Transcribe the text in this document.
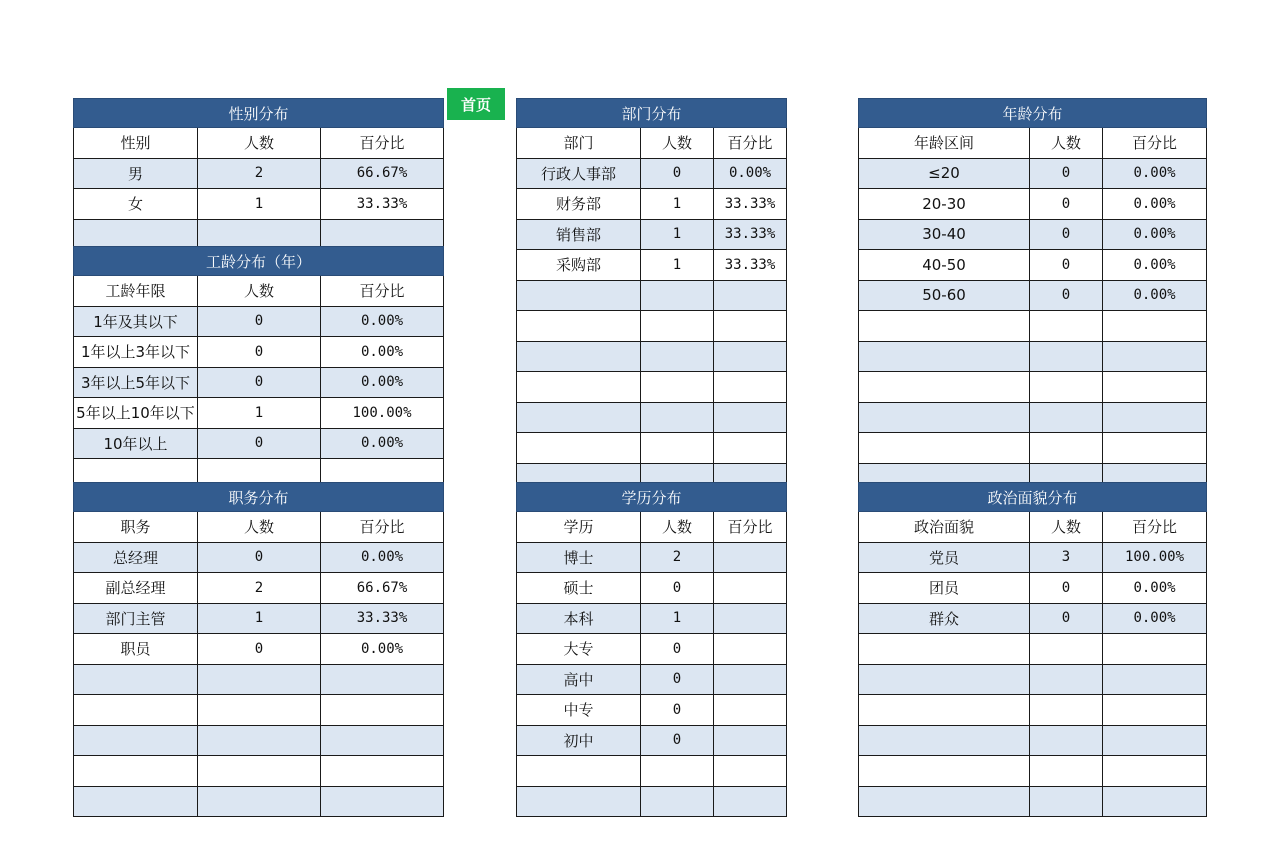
首页
性别分布		
性别	人数	百分比
男	2	66.67%
女	1	33.33%

工龄分布（年）		
工龄年限	人数	百分比
1年及其以下	0	0.00%
1年以上3年以下	0	0.00%
3年以上5年以下	0	0.00%
5年以上10年以下	1	100.00%
10年以上	0	0.00%

部门分布		
部门	人数	百分比
行政人事部	0	0.00%
财务部	1	33.33%
销售部	1	33.33%
采购部	1	33.33%

年龄分布		
年龄区间	人数	百分比
≤20	0	0.00%
20-30	0	0.00%
30-40	0	0.00%
40-50	0	0.00%
50-60	0	0.00%

职务分布		
职务	人数	百分比
总经理	0	0.00%
副总经理	2	66.67%
部门主管	1	33.33%
职员	0	0.00%

学历分布		
学历	人数	百分比
博士	2	
硕士	0	
本科	1	
大专	0	
高中	0	
中专	0	
初中	0	

政治面貌分布		
政治面貌	人数	百分比
党员	3	100.00%
团员	0	0.00%
群众	0	0.00%
